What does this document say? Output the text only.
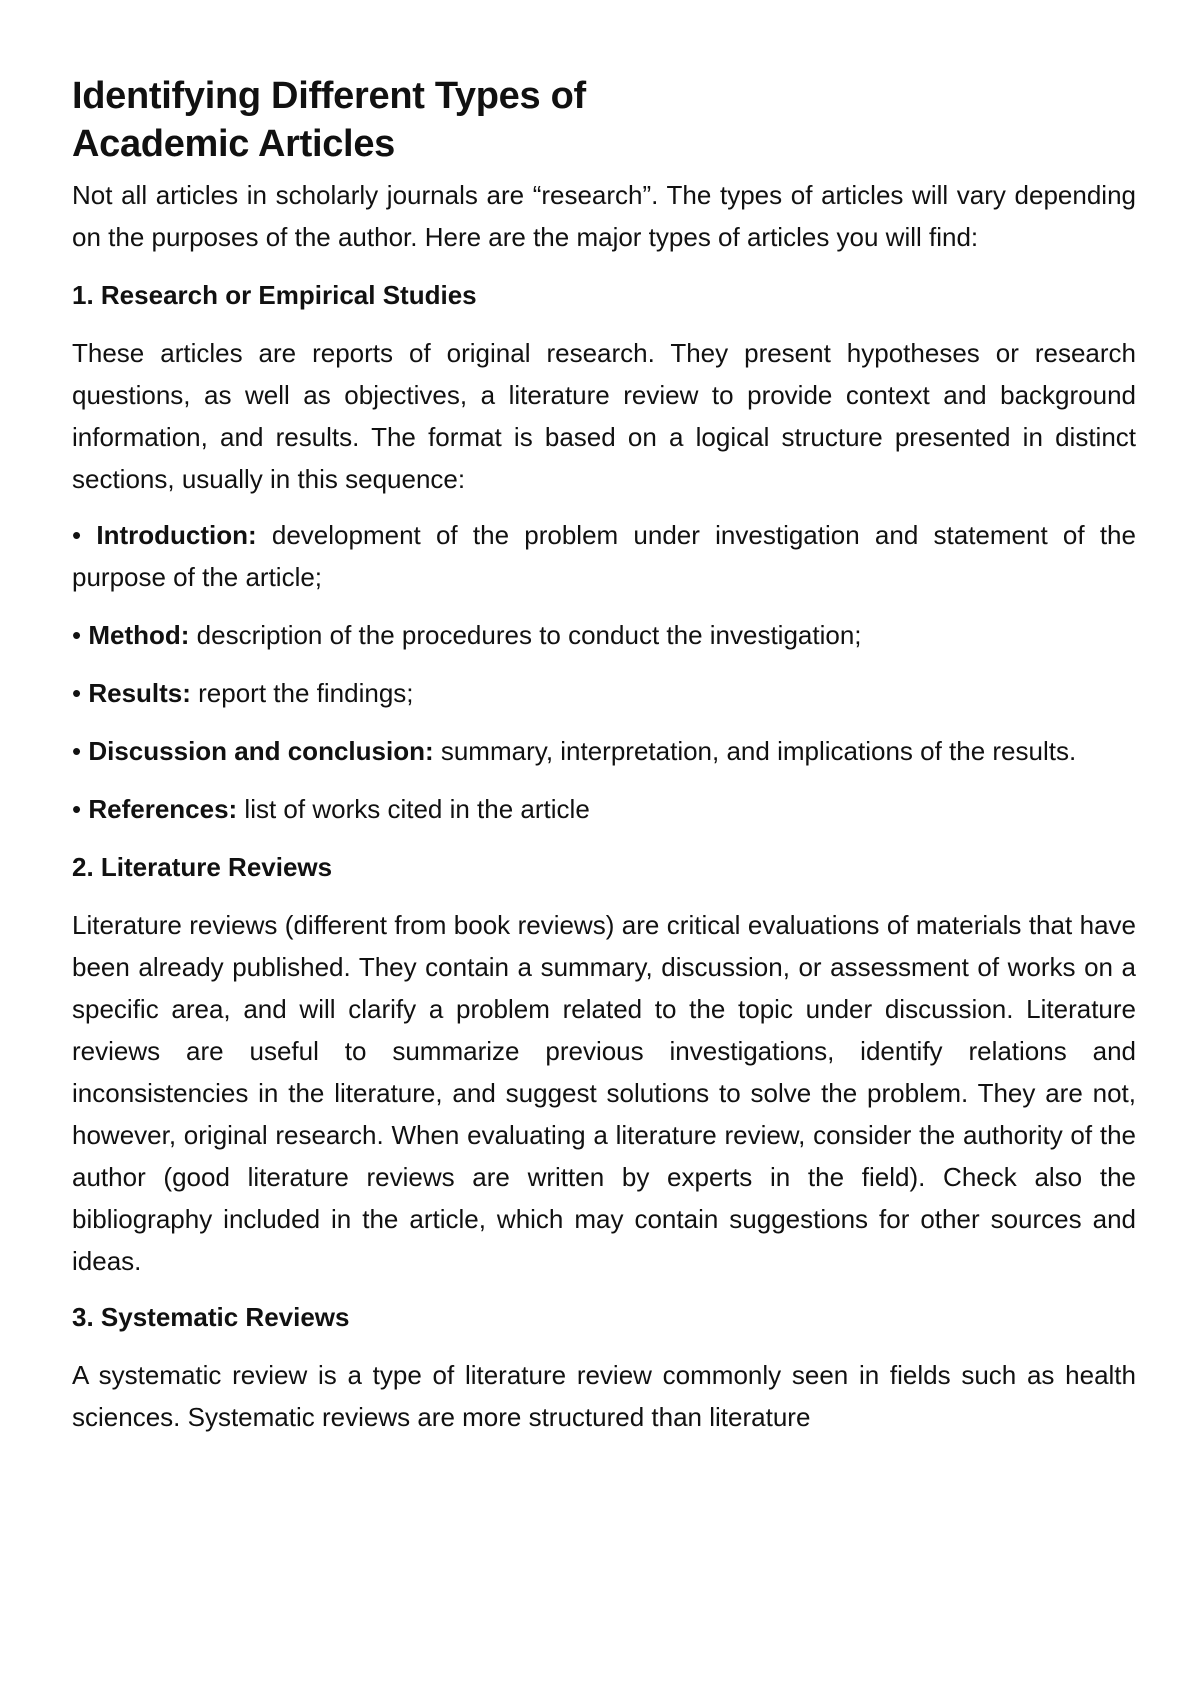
Identifying Different Types of
Academic Articles

Not all articles in scholarly journals are “research”. The types of articles will vary depending on the purposes of the author. Here are the major types of articles you will find:

1. Research or Empirical Studies

These articles are reports of original research. They present hypotheses or research questions, as well as objectives, a literature review to provide context and background information, and results. The format is based on a logical structure presented in distinct sections, usually in this sequence:

• Introduction: development of the problem under investigation and statement of the purpose of the article;

• Method: description of the procedures to conduct the investigation;

• Results: report the findings;

• Discussion and conclusion: summary, interpretation, and implications of the results.

• References: list of works cited in the article

2. Literature Reviews

Literature reviews (different from book reviews) are critical evaluations of materials that have been already published. They contain a summary, discussion, or assessment of works on a specific area, and will clarify a problem related to the topic under discussion. Literature reviews are useful to summarize previous investigations, identify relations and inconsistencies in the literature, and suggest solutions to solve the problem. They are not, however, original research. When evaluating a literature review, consider the authority of the author (good literature reviews are written by experts in the field). Check also the bibliography included in the article, which may contain suggestions for other sources and ideas.

3. Systematic Reviews

A systematic review is a type of literature review commonly seen in fields such as health sciences. Systematic reviews are more structured than literature
